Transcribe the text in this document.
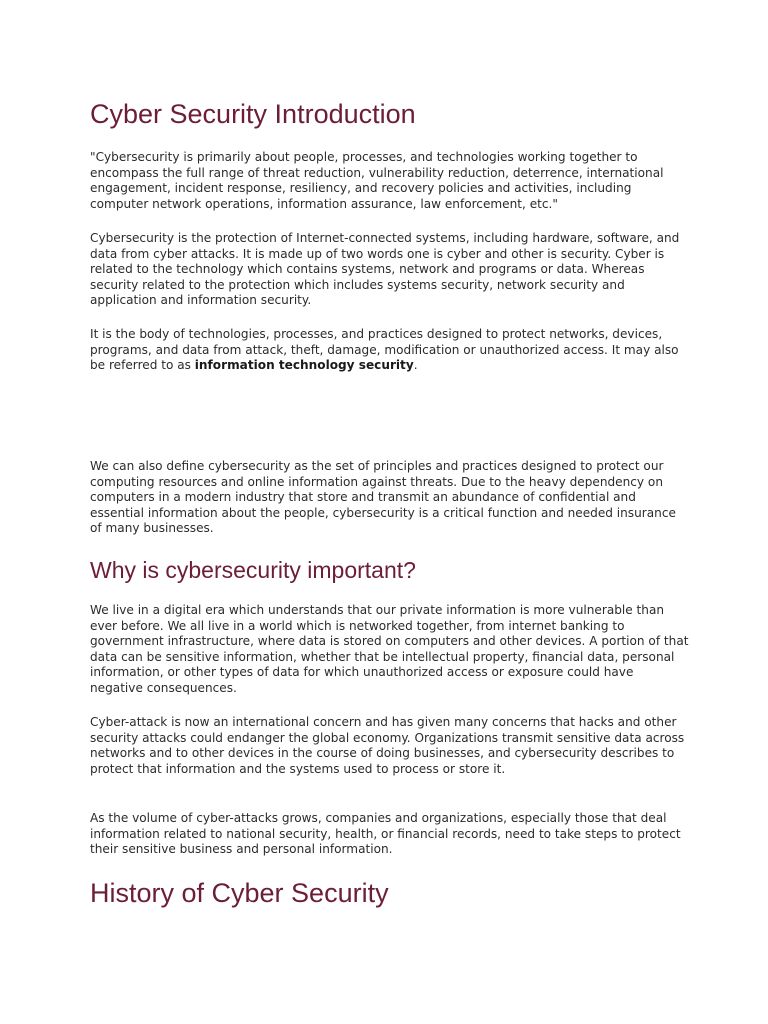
Cyber Security Introduction

"Cybersecurity is primarily about people, processes, and technologies working together to encompass the full range of threat reduction, vulnerability reduction, deterrence, international engagement, incident response, resiliency, and recovery policies and activities, including computer network operations, information assurance, law enforcement, etc."

Cybersecurity is the protection of Internet-connected systems, including hardware, software, and data from cyber attacks. It is made up of two words one is cyber and other is security. Cyber is related to the technology which contains systems, network and programs or data. Whereas security related to the protection which includes systems security, network security and application and information security.

It is the body of technologies, processes, and practices designed to protect networks, devices, programs, and data from attack, theft, damage, modification or unauthorized access. It may also be referred to as information technology security.

We can also define cybersecurity as the set of principles and practices designed to protect our computing resources and online information against threats. Due to the heavy dependency on computers in a modern industry that store and transmit an abundance of confidential and essential information about the people, cybersecurity is a critical function and needed insurance of many businesses.

Why is cybersecurity important?

We live in a digital era which understands that our private information is more vulnerable than ever before. We all live in a world which is networked together, from internet banking to government infrastructure, where data is stored on computers and other devices. A portion of that data can be sensitive information, whether that be intellectual property, financial data, personal information, or other types of data for which unauthorized access or exposure could have negative consequences.

Cyber-attack is now an international concern and has given many concerns that hacks and other security attacks could endanger the global economy. Organizations transmit sensitive data across networks and to other devices in the course of doing businesses, and cybersecurity describes to protect that information and the systems used to process or store it.

As the volume of cyber-attacks grows, companies and organizations, especially those that deal information related to national security, health, or financial records, need to take steps to protect their sensitive business and personal information.

History of Cyber Security
